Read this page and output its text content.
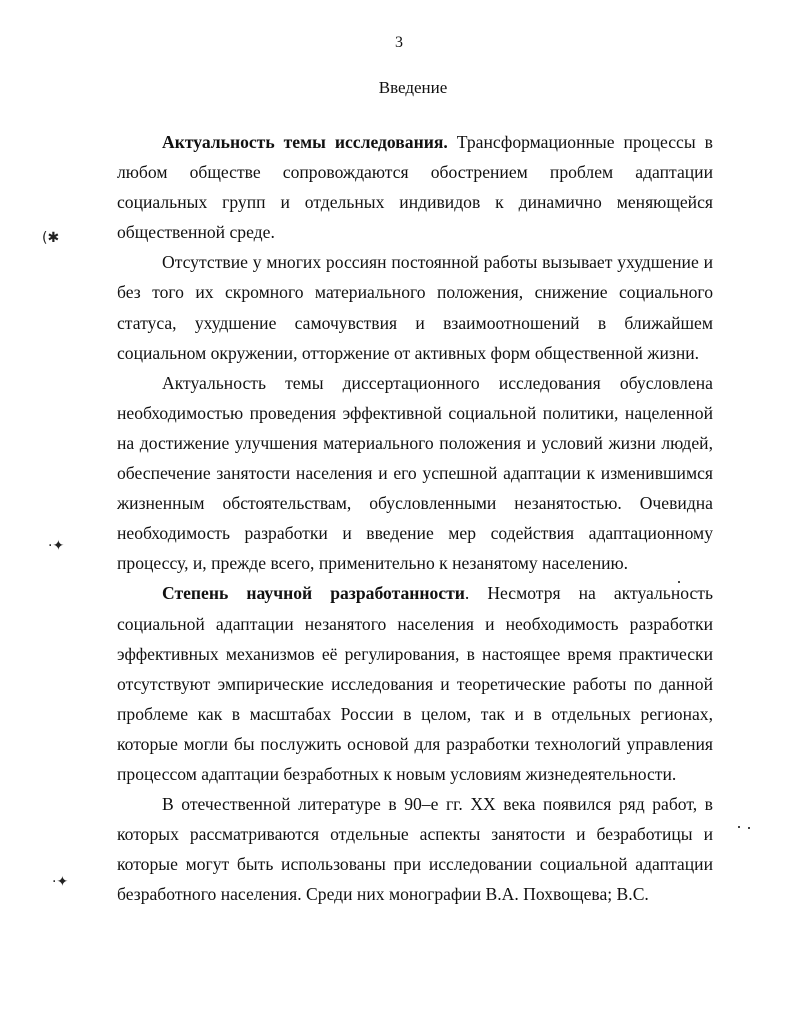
3
Введение

Актуальность темы исследования. Трансформационные процессы в любом обществе сопровождаются обострением проблем адаптации социальных групп и отдельных индивидов к динамично меняющейся общественной среде.

Отсутствие у многих россиян постоянной работы вызывает ухудшение и без того их скромного материального положения, снижение социального статуса, ухудшение самочувствия и взаимоотношений в ближайшем социальном окружении, отторжение от активных форм общественной жизни.

Актуальность темы диссертационного исследования обусловлена необходимостью проведения эффективной социальной политики, нацеленной на достижение улучшения материального положения и условий жизни людей, обеспечение занятости населения и его успешной адаптации к изменившимся жизненным обстоятельствам, обусловленными незанятостью. Очевидна необходимость разработки и введение мер содействия адаптационному процессу, и, прежде всего, применительно к незанятому населению.

Степень научной разработанности. Несмотря на актуальность социальной адаптации незанятого населения и необходимость разработки эффективных механизмов её регулирования, в настоящее время практически отсутствуют эмпирические исследования и теоретические работы по данной проблеме как в масштабах России в целом, так и в отдельных регионах, которые могли бы послужить основой для разработки технологий управления процессом адаптации безработных к новым условиям жизнедеятельности.

В отечественной литературе в 90–е гг. XX века появился ряд работ, в которых рассматриваются отдельные аспекты занятости и безработицы и которые могут быть использованы при исследовании социальной адаптации безработного населения. Среди них монографии В.А. Похвощева; В.С.

(✱
·✦
·✦
